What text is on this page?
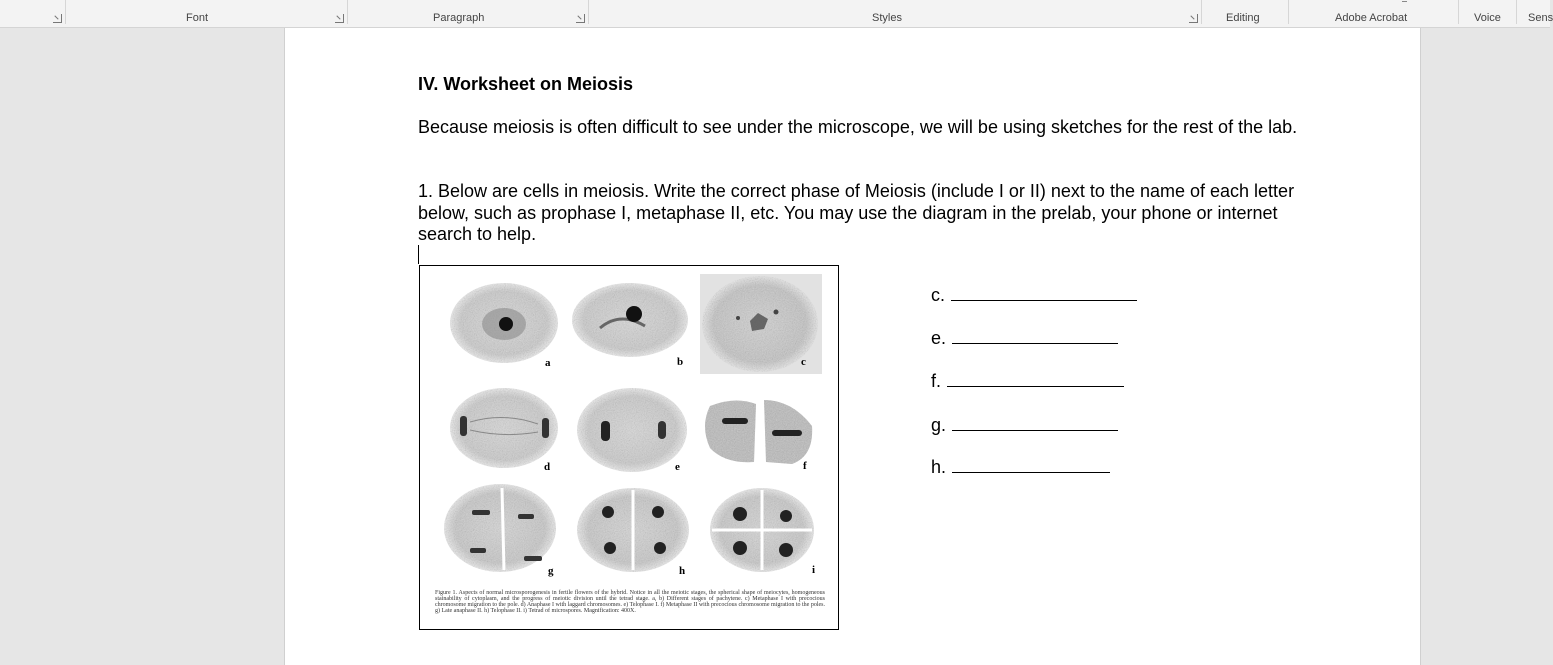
Font	Paragraph	Styles	Editing	Adobe Acrobat	Voice Sens
IV. Worksheet on Meiosis
Because meiosis is often difficult to see under the microscope, we will be using sketches for the rest of the lab.
1. Below are cells in meiosis. Write the correct phase of Meiosis (include I or II) next to the name of each letter below, such as prophase I, metaphase II, etc. You may use the diagram in the prelab, your phone or internet search to help.
a	b	c
d	e	f
g	h	i
Figure 1. Aspects of normal microsporogenesis in fertile flowers of the hybrid. Notice in all the meiotic stages, the spherical shape of meiocytes, homogeneous stainability of cytoplasm, and the progress of meiotic division until the tetrad stage. a, b) Different stages of pachytene. c) Metaphase I with precocious chromosome migration to the pole. d) Anaphase I with laggard chromosomes. e) Telophase I. f) Metaphase II with precocious chromosome migration to the poles. g) Late anaphase II. h) Telophase II. i) Tetrad of microspores. Magnification: 400X.
c.
e.
f.
g.
h.
